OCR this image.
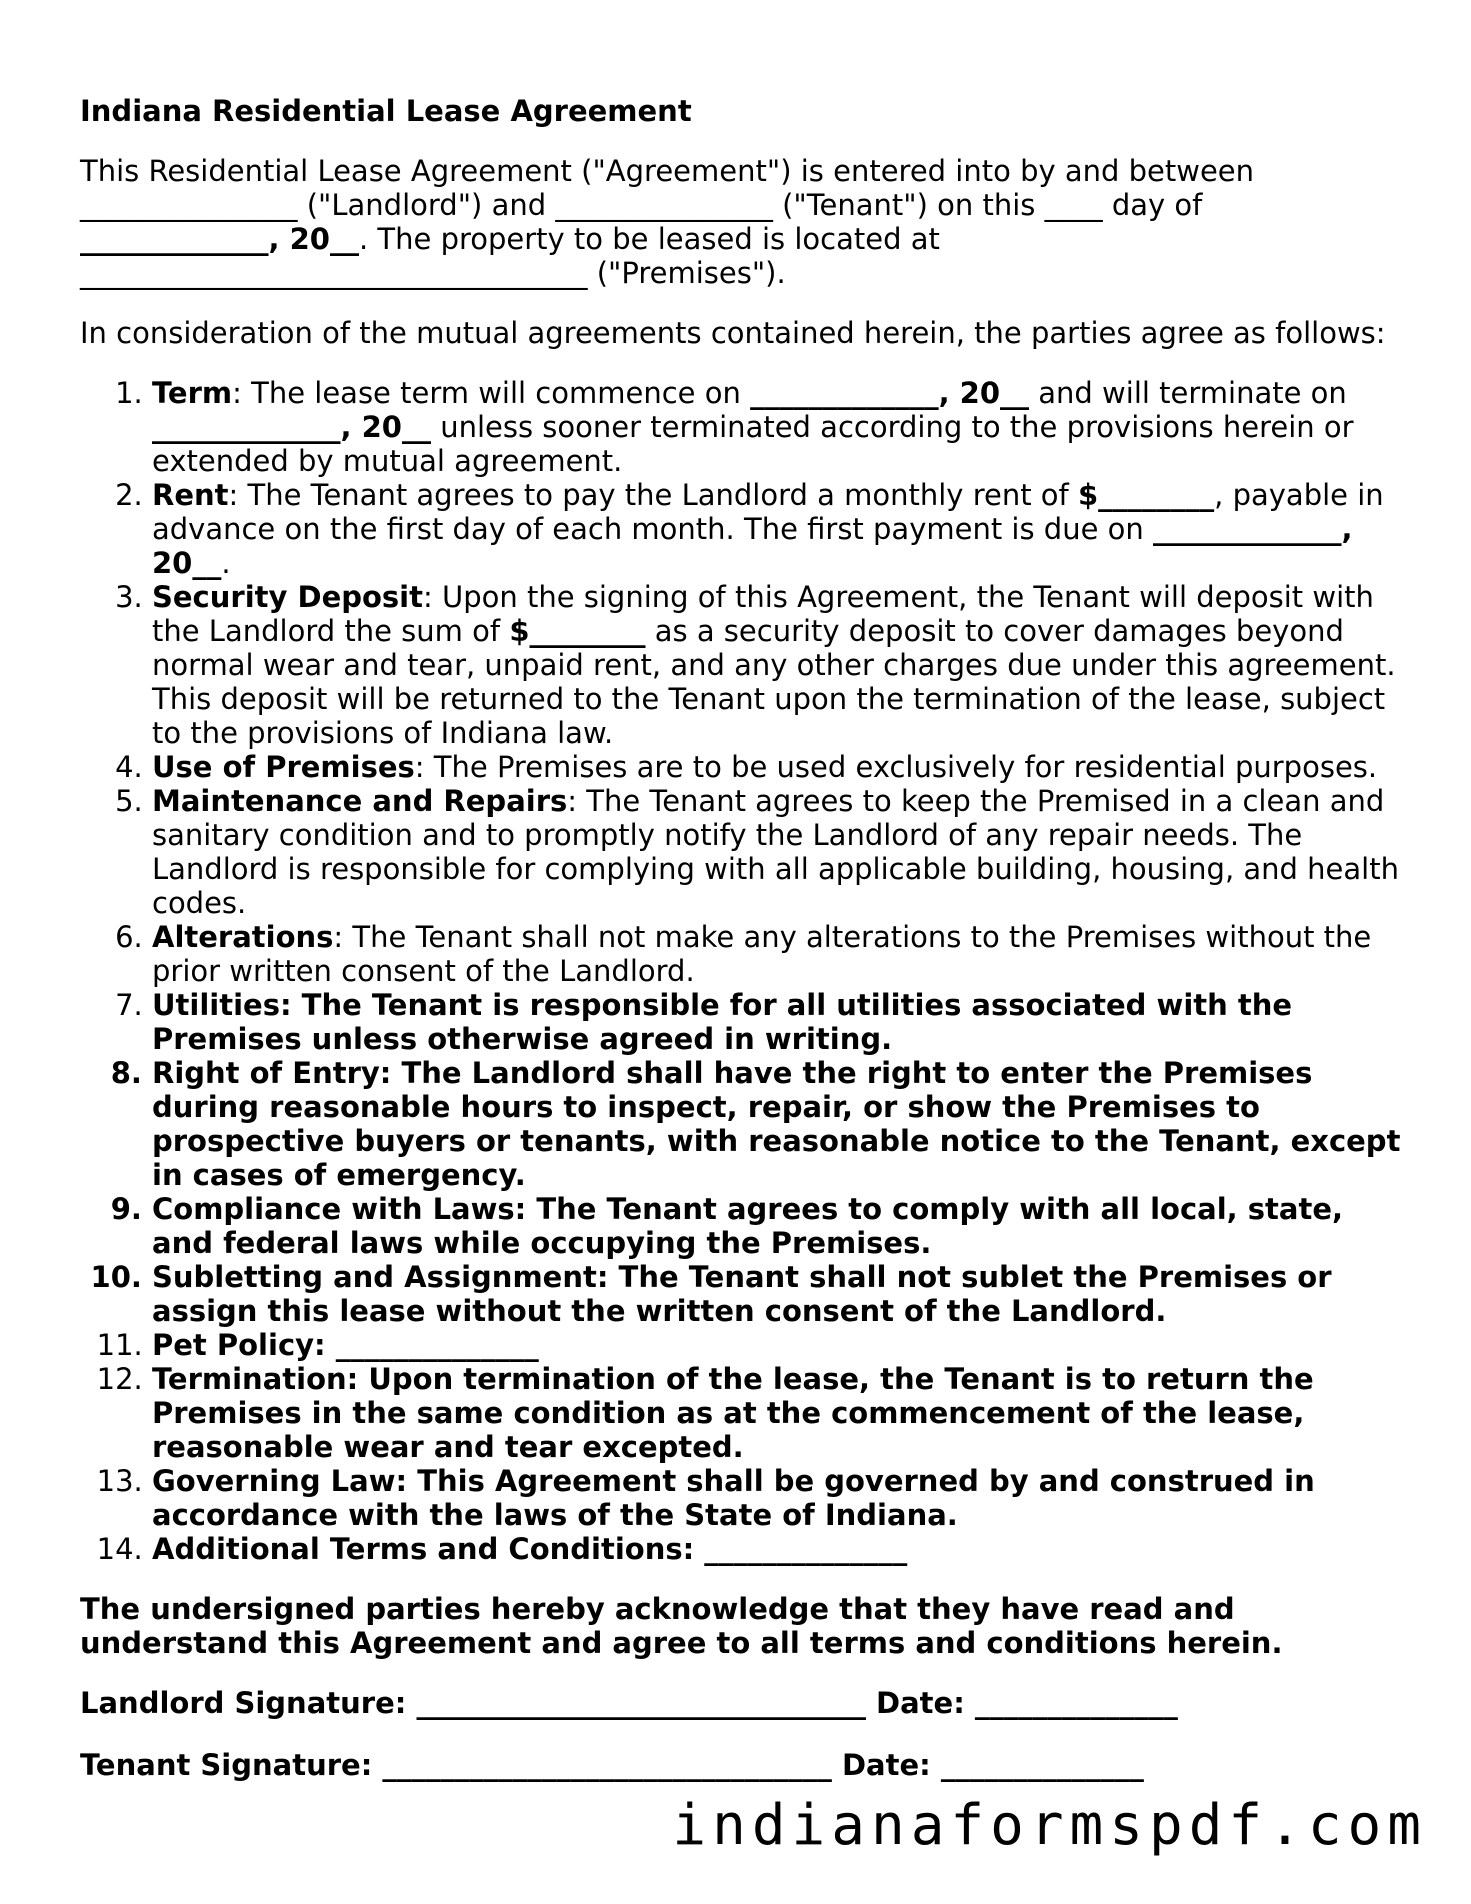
Indiana Residential Lease Agreement

This Residential Lease Agreement ("Agreement") is entered into by and between
_______________ ("Landlord") and _______________ ("Tenant") on this ____ day of
_____________, 20__. The property to be leased is located at
___________________________________ ("Premises").

In consideration of the mutual agreements contained herein, the parties agree as follows:

1. Term: The lease term will commence on _____________, 20__ and will terminate on _____________, 20__ unless sooner terminated according to the provisions herein or extended by mutual agreement.
2. Rent: The Tenant agrees to pay the Landlord a monthly rent of $________, payable in advance on the first day of each month. The first payment is due on _____________, 20__.
3. Security Deposit: Upon the signing of this Agreement, the Tenant will deposit with the Landlord the sum of $________ as a security deposit to cover damages beyond normal wear and tear, unpaid rent, and any other charges due under this agreement. This deposit will be returned to the Tenant upon the termination of the lease, subject to the provisions of Indiana law.
4. Use of Premises: The Premises are to be used exclusively for residential purposes.
5. Maintenance and Repairs: The Tenant agrees to keep the Premised in a clean and sanitary condition and to promptly notify the Landlord of any repair needs. The Landlord is responsible for complying with all applicable building, housing, and health codes.
6. Alterations: The Tenant shall not make any alterations to the Premises without the prior written consent of the Landlord.
7. Utilities: The Tenant is responsible for all utilities associated with the Premises unless otherwise agreed in writing.
8. Right of Entry: The Landlord shall have the right to enter the Premises during reasonable hours to inspect, repair, or show the Premises to prospective buyers or tenants, with reasonable notice to the Tenant, except in cases of emergency.
9. Compliance with Laws: The Tenant agrees to comply with all local, state, and federal laws while occupying the Premises.
10. Subletting and Assignment: The Tenant shall not sublet the Premises or assign this lease without the written consent of the Landlord.
11. Pet Policy: ______________
12. Termination: Upon termination of the lease, the Tenant is to return the Premises in the same condition as at the commencement of the lease, reasonable wear and tear excepted.
13. Governing Law: This Agreement shall be governed by and construed in accordance with the laws of the State of Indiana.
14. Additional Terms and Conditions: ______________

The undersigned parties hereby acknowledge that they have read and understand this Agreement and agree to all terms and conditions herein.

Landlord Signature: _______________________________ Date: ______________

Tenant Signature: _______________________________ Date: ______________

indianaformspdf.com
